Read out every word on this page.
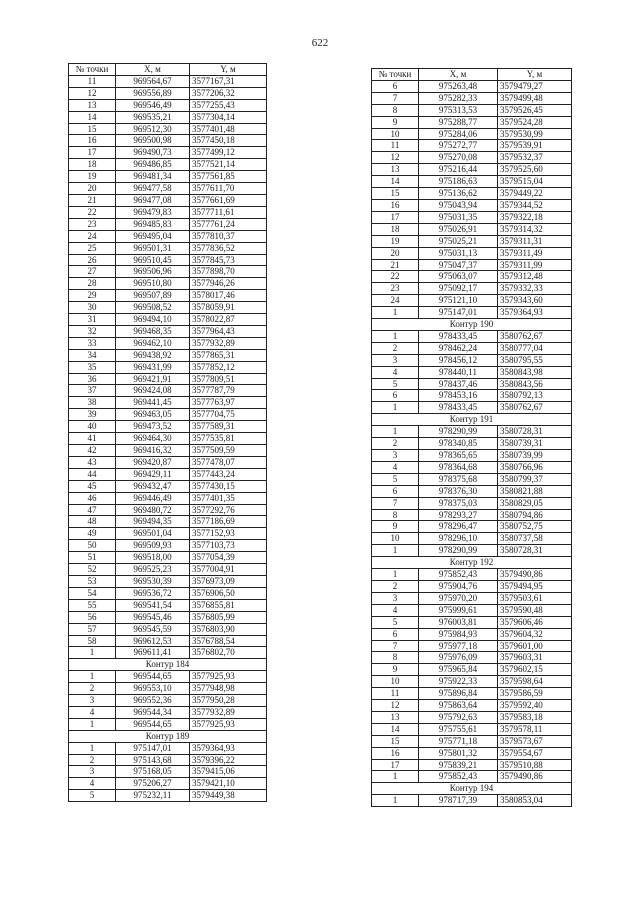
622
№ точки	X, м	Y, м
11	969564,67	3577167,31
12	969556,89	3577206,32
13	969546,49	3577255,43
14	969535,21	3577304,14
15	969512,30	3577401,48
16	969500,98	3577450,18
17	969490,73	3577499,12
18	969486,85	3577521,14
19	969481,34	3577561,85
20	969477,58	3577611,70
21	969477,08	3577661,69
22	969479,83	3577711,61
23	969485,83	3577761,24
24	969495,04	3577810,37
25	969501,31	3577836,52
26	969510,45	3577845,73
27	969506,96	3577898,70
28	969510,80	3577946,26
29	969507,89	3578017,46
30	969508,52	3578059,91
31	969494,10	3578022,87
32	969468,35	3577964,43
33	969462,10	3577932,89
34	969438,92	3577865,31
35	969431,99	3577852,12
36	969421,91	3577809,51
37	969424,08	3577787,79
38	969441,45	3577763,97
39	969463,05	3577704,75
40	969473,52	3577589,31
41	969464,30	3577535,81
42	969416,32	3577509,59
43	969420,87	3577478,07
44	969429,11	3577443,24
45	969432,47	3577430,15
46	969446,49	3577401,35
47	969480,72	3577292,76
48	969494,35	3577186,69
49	969501,04	3577152,93
50	969509,93	3577103,73
51	969518,00	3577054,39
52	969525,23	3577004,91
53	969530,39	3576973,09
54	969536,72	3576906,50
55	969541,54	3576855,81
56	969545,46	3576805,99
57	969545,59	3576803,90
58	969612,53	3576788,54
1	969611,41	3576802,70
Контур 184		
1	969544,65	3577925,93
2	969553,10	3577948,98
3	969552,36	3577950,28
4	969544,34	3577932,89
1	969544,65	3577925,93
Контур 189		
1	975147,01	3579364,93
2	975143,68	3579396,22
3	975168,05	3579415,06
4	975206,27	3579421,10
5	975232,11	3579449,38
№ точки	X, м	Y, м
6	975263,48	3579479,27
7	975282,33	3579499,48
8	975313,53	3579526,45
9	975288,77	3579524,28
10	975284,06	3579530,99
11	975272,77	3579539,91
12	975270,08	3579532,37
13	975216,44	3579525,60
14	975186,63	3579515,04
15	975136,62	3579449,22
16	975043,94	3579344,52
17	975031,35	3579322,18
18	975026,91	3579314,32
19	975025,21	3579311,31
20	975031,13	3579311,49
21	975047,37	3579311,99
22	975063,07	3579312,48
23	975092,17	3579332,33
24	975121,10	3579343,60
1	975147,01	3579364,93
Контур 190		
1	978433,45	3580762,67
2	978462,24	3580777,04
3	978456,12	3580795,55
4	978440,11	3580843,98
5	978437,46	3580843,56
6	978453,16	3580792,13
1	978433,45	3580762,67
Контур 191		
1	978290,99	3580728,31
2	978340,85	3580739,31
3	978365,65	3580739,99
4	978364,68	3580766,96
5	978375,68	3580799,37
6	978376,30	3580821,88
7	978375,03	3580829,05
8	978293,27	3580794,86
9	978296,47	3580752,75
10	978296,10	3580737,58
1	978290,99	3580728,31
Контур 192		
1	975852,43	3579490,86
2	975904,76	3579494,95
3	975970,20	3579503,61
4	975999,61	3579590,48
5	976003,81	3579606,46
6	975984,93	3579604,32
7	975977,18	3579601,00
8	975976,09	3579603,31
9	975965,84	3579602,15
10	975922,33	3579598,64
11	975896,84	3579586,59
12	975863,64	3579592,40
13	975792,63	3579583,18
14	975755,61	3579578,11
15	975771,18	3579573,67
16	975801,32	3579554,67
17	975839,21	3579510,88
1	975852,43	3579490,86
Контур 194		
1	978717,39	3580853,04
